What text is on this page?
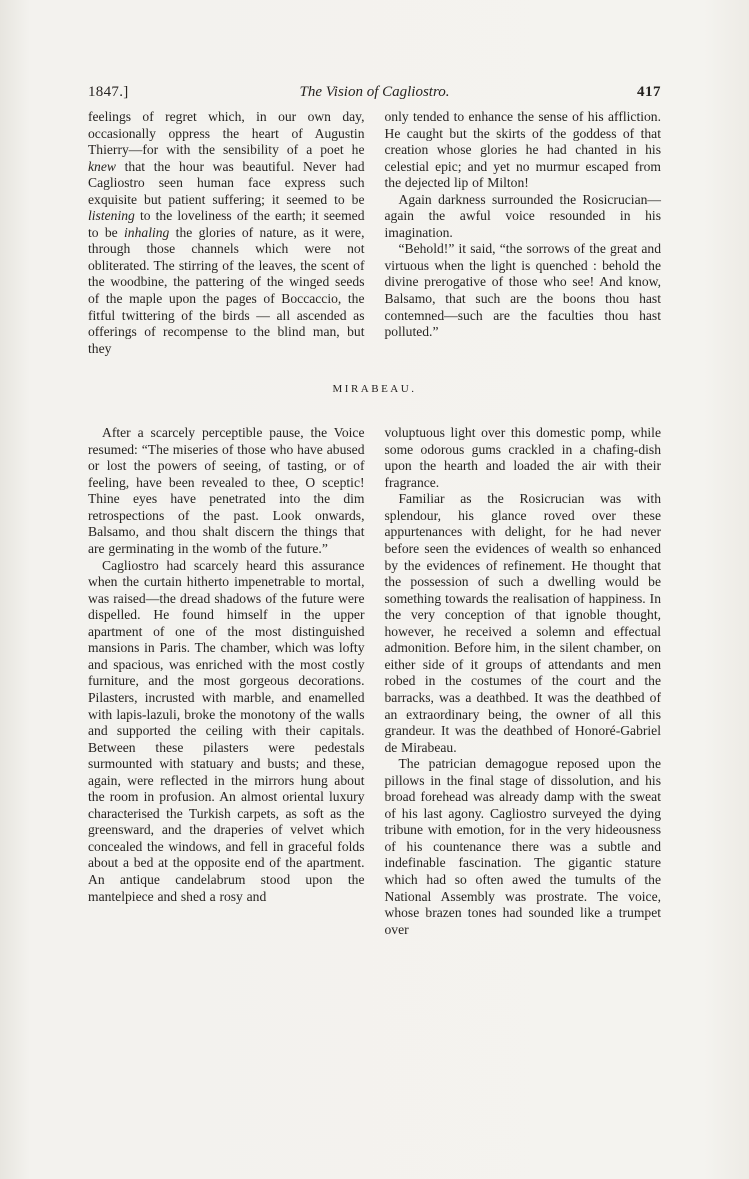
1847.]	The Vision of Cagliostro.	417

feelings of regret which, in our own day, occasionally oppress the heart of Augustin Thierry—for with the sensibility of a poet he knew that the hour was beautiful. Never had Cagliostro seen human face express such exquisite but patient suffering; it seemed to be listening to the loveliness of the earth; it seemed to be inhaling the glories of nature, as it were, through those channels which were not obliterated. The stirring of the leaves, the scent of the woodbine, the pattering of the winged seeds of the maple upon the pages of Boccaccio, the fitful twittering of the birds — all ascended as offerings of recompense to the blind man, but they

only tended to enhance the sense of his affliction. He caught but the skirts of the goddess of that creation whose glories he had chanted in his celestial epic; and yet no murmur escaped from the dejected lip of Milton!

Again darkness surrounded the Rosicrucian— again the awful voice resounded in his imagination.

“Behold!” it said, “the sorrows of the great and virtuous when the light is quenched : behold the divine prerogative of those who see! And know, Balsamo, that such are the boons thou hast contemned—such are the faculties thou hast polluted.”

MIRABEAU.

After a scarcely perceptible pause, the Voice resumed: “The miseries of those who have abused or lost the powers of seeing, of tasting, or of feeling, have been revealed to thee, O sceptic! Thine eyes have penetrated into the dim retrospections of the past. Look onwards, Balsamo, and thou shalt discern the things that are germinating in the womb of the future.”

Cagliostro had scarcely heard this assurance when the curtain hitherto impenetrable to mortal, was raised—the dread shadows of the future were dispelled. He found himself in the upper apartment of one of the most distinguished mansions in Paris. The chamber, which was lofty and spacious, was enriched with the most costly furniture, and the most gorgeous decorations. Pilasters, incrusted with marble, and enamelled with lapis-lazuli, broke the monotony of the walls and supported the ceiling with their capitals. Between these pilasters were pedestals surmounted with statuary and busts; and these, again, were reflected in the mirrors hung about the room in profusion. An almost oriental luxury characterised the Turkish carpets, as soft as the greensward, and the draperies of velvet which concealed the windows, and fell in graceful folds about a bed at the opposite end of the apartment. An antique candelabrum stood upon the mantelpiece and shed a rosy and

voluptuous light over this domestic pomp, while some odorous gums crackled in a chafing-dish upon the hearth and loaded the air with their fragrance.

Familiar as the Rosicrucian was with splendour, his glance roved over these appurtenances with delight, for he had never before seen the evidences of wealth so enhanced by the evidences of refinement. He thought that the possession of such a dwelling would be something towards the realisation of happiness. In the very conception of that ignoble thought, however, he received a solemn and effectual admonition. Before him, in the silent chamber, on either side of it groups of attendants and men robed in the costumes of the court and the barracks, was a deathbed. It was the deathbed of an extraordinary being, the owner of all this grandeur. It was the deathbed of Honoré-Gabriel de Mirabeau.

The patrician demagogue reposed upon the pillows in the final stage of dissolution, and his broad forehead was already damp with the sweat of his last agony. Cagliostro surveyed the dying tribune with emotion, for in the very hideousness of his countenance there was a subtle and indefinable fascination. The gigantic stature which had so often awed the tumults of the National Assembly was prostrate. The voice, whose brazen tones had sounded like a trumpet over
